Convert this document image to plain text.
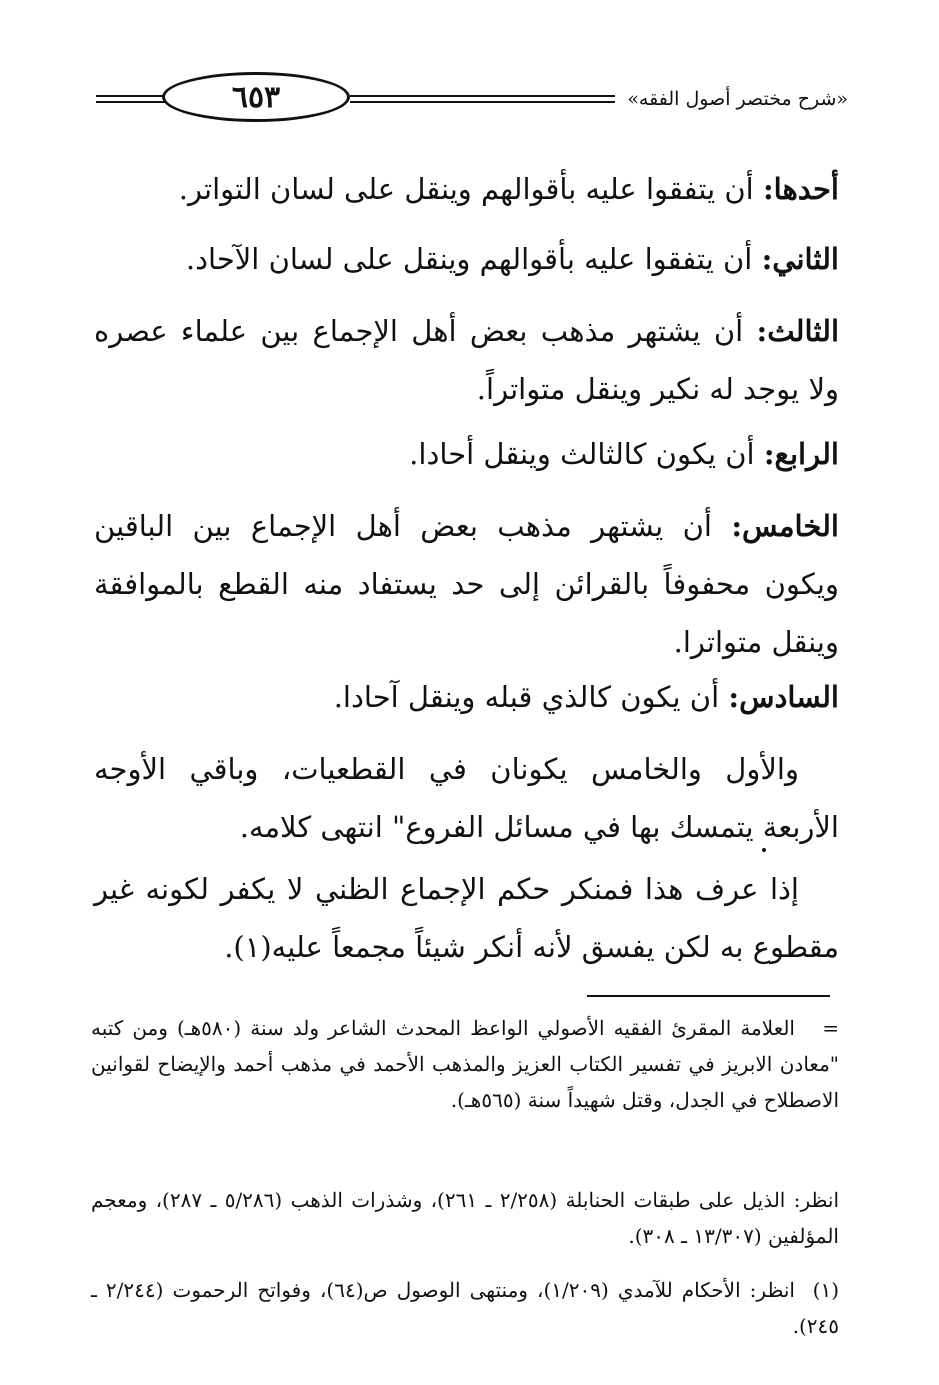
«شرح مختصر أصول الفقه»
٦٥٣

أحدها: أن يتفقوا عليه بأقوالهم وينقل على لسان التواتر.

الثاني: أن يتفقوا عليه بأقوالهم وينقل على لسان الآحاد.

الثالث: أن يشتهر مذهب بعض أهل الإجماع بين علماء عصره ولا يوجد له نكير وينقل متواتراً.

الرابع: أن يكون كالثالث وينقل أحادا.

الخامس: أن يشتهر مذهب بعض أهل الإجماع بين الباقين ويكون محفوفاً بالقرائن إلى حد يستفاد منه القطع بالموافقة وينقل متواترا.

السادس: أن يكون كالذي قبله وينقل آحادا.

والأول والخامس يكونان في القطعيات، وباقي الأوجه الأربعة يتمسك بها في مسائل الفروع" انتهى كلامه.

إذا عرف هذا فمنكر حكم الإجماع الظني لا يكفر لكونه غير مقطوع به لكن يفسق لأنه أنكر شيئاً مجمعاً عليه(١).

=العلامة المقرئ الفقيه الأصولي الواعظ المحدث الشاعر ولد سنة (٥٨٠هـ) ومن كتبه "معادن الابريز في تفسير الكتاب العزيز والمذهب الأحمد في مذهب أحمد والإيضاح لقوانين الاصطلاح في الجدل، وقتل شهيداً سنة (٥٦٥هـ).

انظر: الذيل على طبقات الحنابلة (٢/٢٥٨ ـ ٢٦١)، وشذرات الذهب (٥/٢٨٦ ـ ٢٨٧)، ومعجم المؤلفين (١٣/٣٠٧ ـ ٣٠٨).

(١)انظر: الأحكام للآمدي (١/٢٠٩)، ومنتهى الوصول ص(٦٤)، وفواتح الرحموت (٢/٢٤٤ ـ ٢٤٥).
